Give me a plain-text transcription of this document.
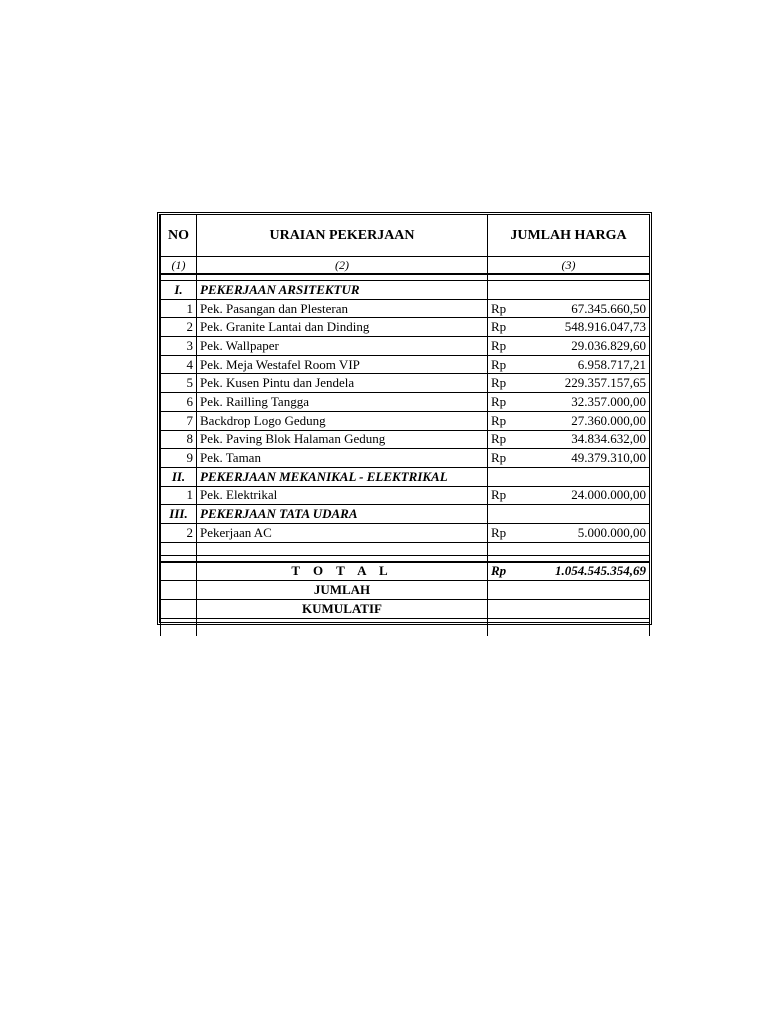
NO	URAIAN PEKERJAAN	JUMLAH HARGA	
(1)	(2)	(3)	

I.	PEKERJAAN ARSITEKTUR		
1	Pek. Pasangan dan Plesteran	Rp	67.345.660,50
2	Pek. Granite Lantai dan Dinding	Rp	548.916.047,73
3	Pek. Wallpaper	Rp	29.036.829,60
4	Pek. Meja Westafel Room VIP	Rp	6.958.717,21
5	Pek. Kusen Pintu dan Jendela	Rp	229.357.157,65
6	Pek. Railling Tangga	Rp	32.357.000,00
7	Backdrop Logo Gedung	Rp	27.360.000,00
8	Pek. Paving Blok Halaman Gedung	Rp	34.834.632,00
9	Pek. Taman	Rp	49.379.310,00
II.	PEKERJAAN MEKANIKAL - ELEKTRIKAL		
1	Pek. Elektrikal	Rp	24.000.000,00
III.	PEKERJAAN TATA UDARA		
2	Pekerjaan AC	Rp	5.000.000,00

	T O T A L	Rp	1.054.545.354,69
	JUMLAH		
	KUMULATIF		
